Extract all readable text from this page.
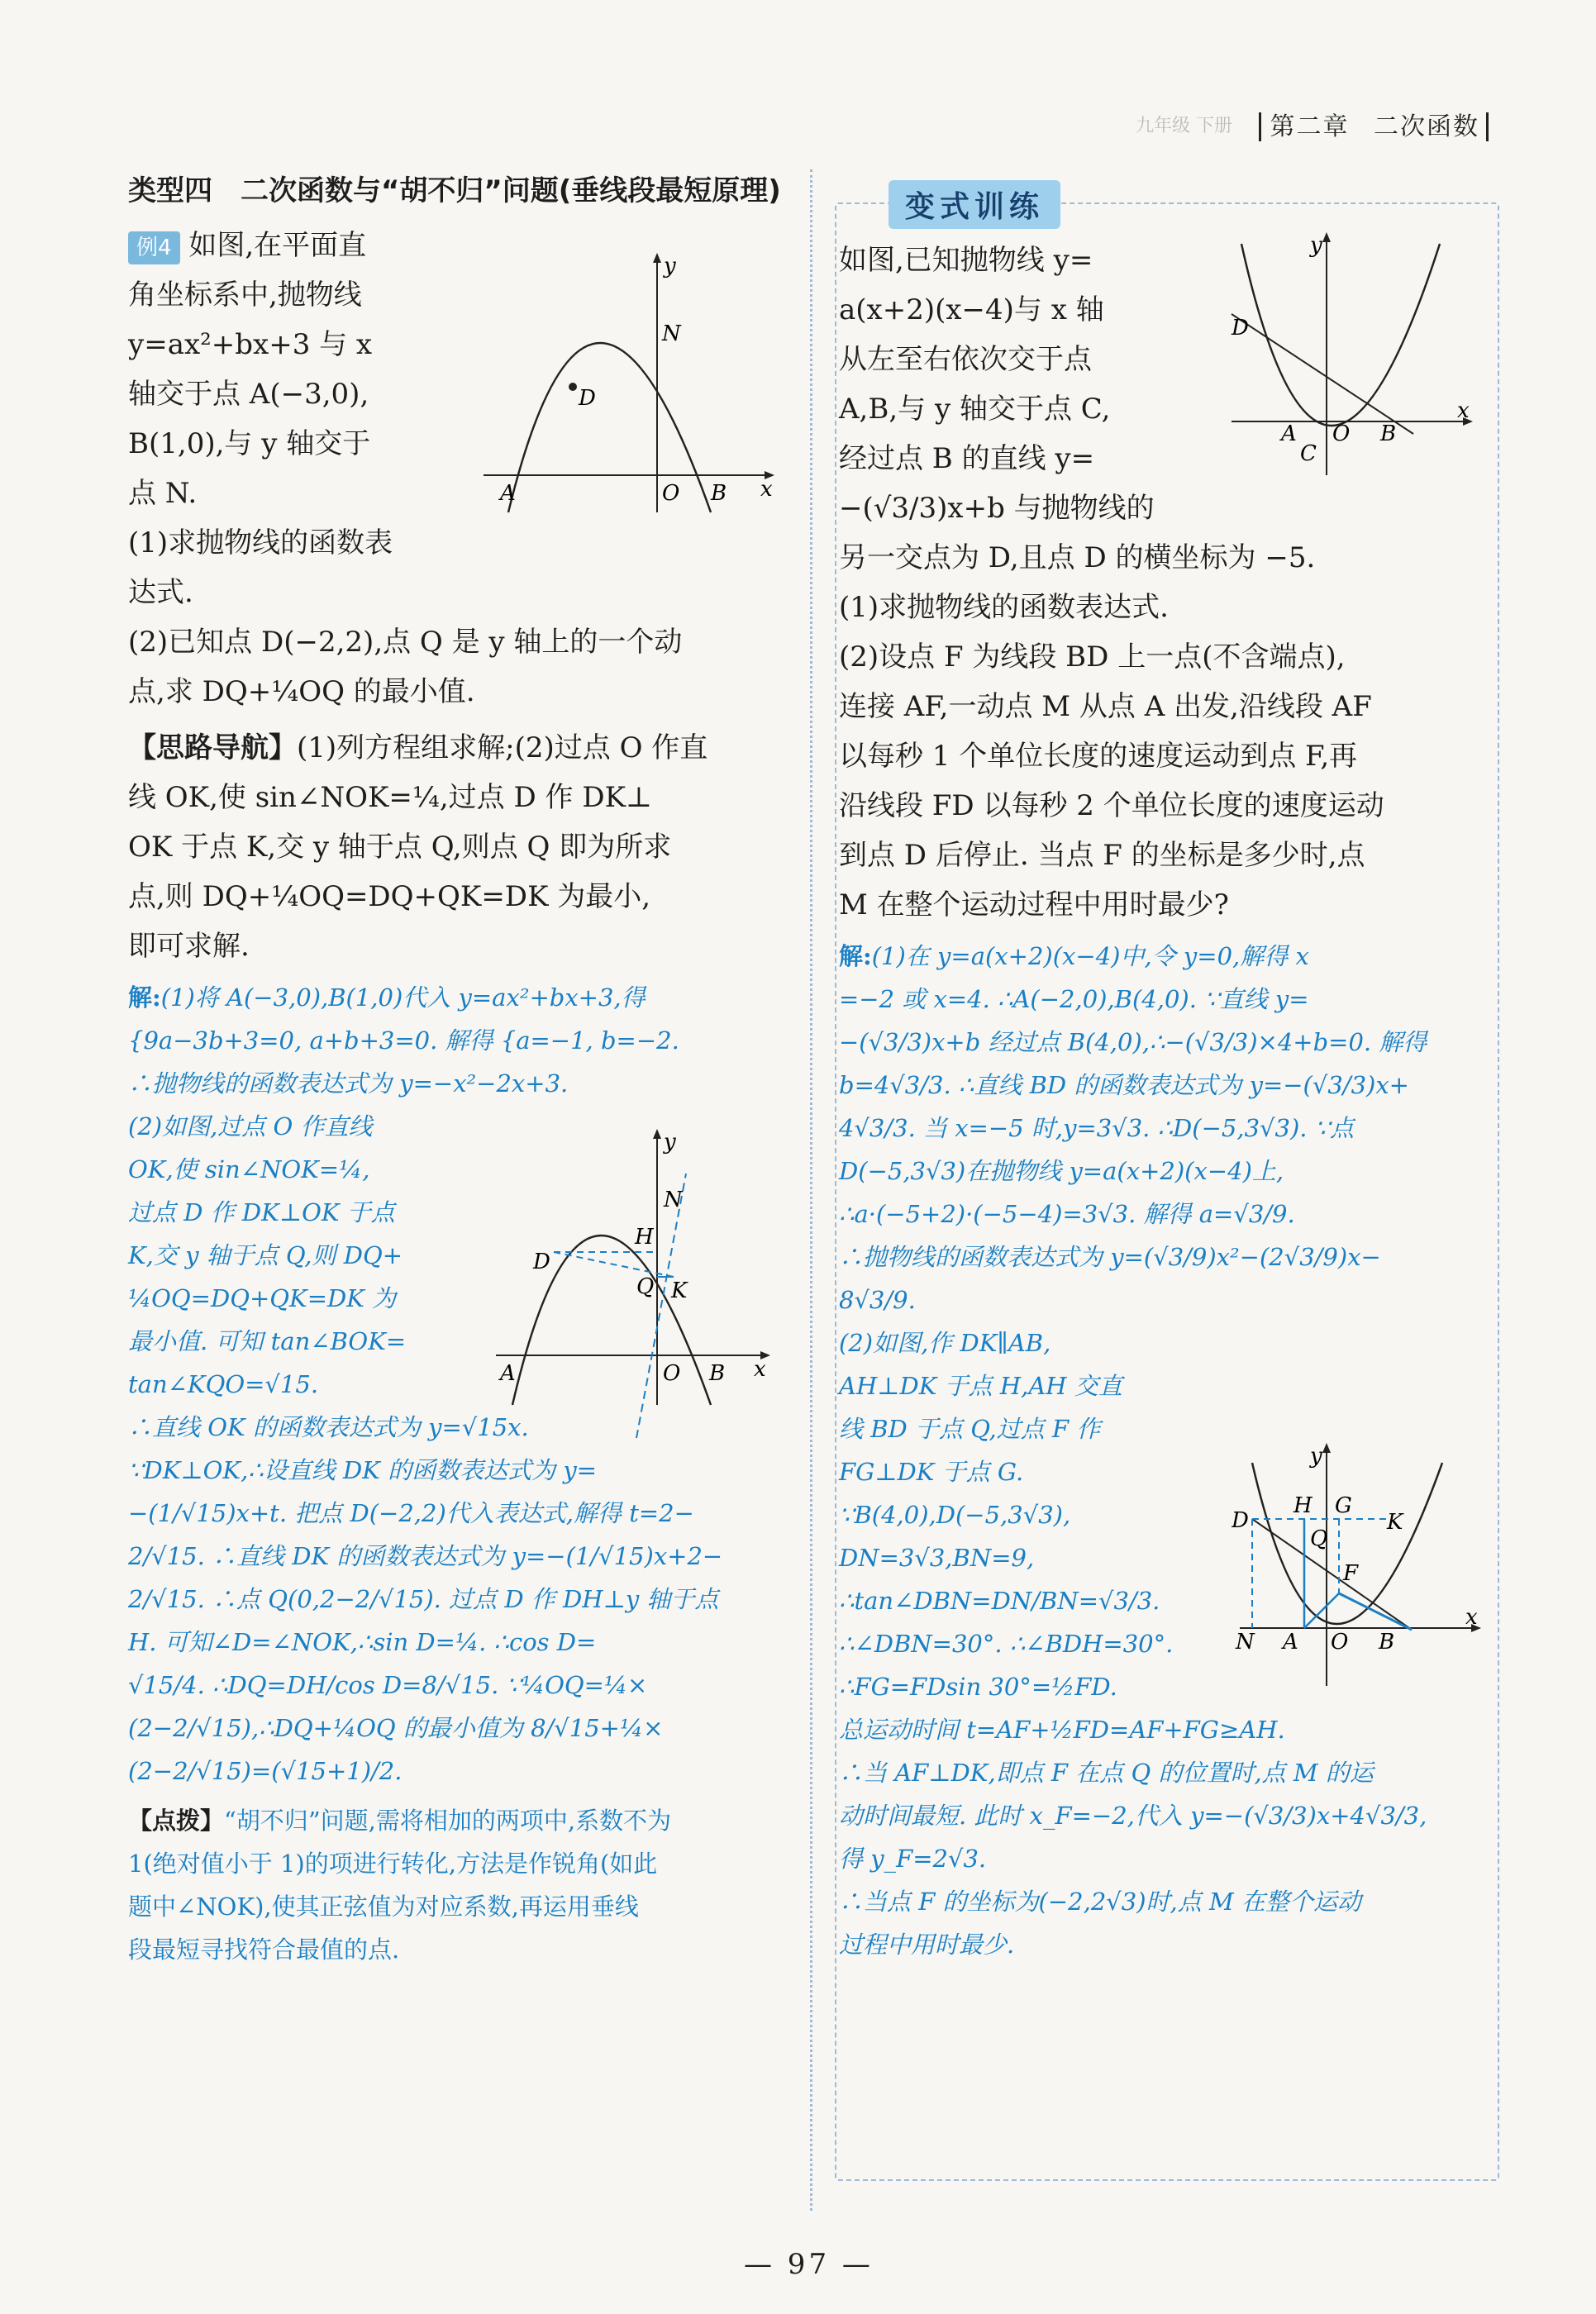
九年级 下册	第二章 二次函数
类型四　二次函数与“胡不归”问题(垂线段最短原理)
例4 如图,在平面直
角坐标系中,抛物线
y=ax²+bx+3 与 x
轴交于点 A(−3,0),
B(1,0),与 y 轴交于
点 N.
(1)求抛物线的函数表
达式.
(2)已知点 D(−2,2),点 Q 是 y 轴上的一个动
点,求 DQ+¼OQ 的最小值.
【思路导航】(1)列方程组求解;(2)过点 O 作直
线 OK,使 sin∠NOK=¼,过点 D 作 DK⊥
OK 于点 K,交 y 轴于点 Q,则点 Q 即为所求
点,则 DQ+¼OQ=DQ+QK=DK 为最小,
即可求解.
解:(1)将 A(−3,0),B(1,0)代入 y=ax²+bx+3,得
{9a−3b+3=0, a+b+3=0. 解得 {a=−1, b=−2.
∴抛物线的函数表达式为 y=−x²−2x+3.
(2)如图,过点 O 作直线
OK,使 sin∠NOK=¼,
过点 D 作 DK⊥OK 于点
K,交 y 轴于点 Q,则 DQ+
¼OQ=DQ+QK=DK 为
最小值. 可知 tan∠BOK=
tan∠KQO=√15.
∴直线 OK 的函数表达式为 y=√15x.
∵DK⊥OK,∴设直线 DK 的函数表达式为 y=
−(1/√15)x+t. 把点 D(−2,2)代入表达式,解得 t=2−
2/√15. ∴直线 DK 的函数表达式为 y=−(1/√15)x+2−
2/√15. ∴点 Q(0,2−2/√15). 过点 D 作 DH⊥y 轴于点
H. 可知∠D=∠NOK,∴sin D=¼. ∴cos D=
√15/4. ∴DQ=DH/cos D=8/√15. ∵¼OQ=¼×
(2−2/√15),∴DQ+¼OQ 的最小值为 8/√15+¼×
(2−2/√15)=(√15+1)/2.
【点拨】“胡不归”问题,需将相加的两项中,系数不为
1(绝对值小于 1)的项进行转化,方法是作锐角(如此
题中∠NOK),使其正弦值为对应系数,再运用垂线
段最短寻找符合最值的点.
y
x
N
D
A	O B
y
x
N
H
D
Q K
A	O B
变式训练
如图,已知抛物线 y=
a(x+2)(x−4)与 x 轴
从左至右依次交于点
A,B,与 y 轴交于点 C,
经过点 B 的直线 y=
−(√3/3)x+b 与抛物线的
另一交点为 D,且点 D 的横坐标为 −5.
(1)求抛物线的函数表达式.
(2)设点 F 为线段 BD 上一点(不含端点),
连接 AF,一动点 M 从点 A 出发,沿线段 AF
以每秒 1 个单位长度的速度运动到点 F,再
沿线段 FD 以每秒 2 个单位长度的速度运动
到点 D 后停止. 当点 F 的坐标是多少时,点
M 在整个运动过程中用时最少?
解:(1)在 y=a(x+2)(x−4)中,令 y=0,解得 x
=−2 或 x=4. ∴A(−2,0),B(4,0). ∵直线 y=
−(√3/3)x+b 经过点 B(4,0),∴−(√3/3)×4+b=0. 解得
b=4√3/3. ∴直线 BD 的函数表达式为 y=−(√3/3)x+
4√3/3. 当 x=−5 时,y=3√3. ∴D(−5,3√3). ∵点
D(−5,3√3)在抛物线 y=a(x+2)(x−4)上,
∴a·(−5+2)·(−5−4)=3√3. 解得 a=√3/9.
∴抛物线的函数表达式为 y=(√3/9)x²−(2√3/9)x−
8√3/9.
(2)如图,作 DK∥AB,
AH⊥DK 于点 H,AH 交直
线 BD 于点 Q,过点 F 作
FG⊥DK 于点 G.
∵B(4,0),D(−5,3√3),
DN=3√3,BN=9,
∴tan∠DBN=DN/BN=√3/3.
∴∠DBN=30°. ∴∠BDH=30°.
∴FG=FDsin 30°=½FD.
总运动时间 t=AF+½FD=AF+FG≥AH.
∴当 AF⊥DK,即点 F 在点 Q 的位置时,点 M 的运
动时间最短. 此时 x_F=−2,代入 y=−(√3/3)x+4√3/3,
得 y_F=2√3.
∴当点 F 的坐标为(−2,2√3)时,点 M 在整个运动
过程中用时最少.
y
x
D
A O B
C
y
x
H G
K
D
Q
F
N A O B
— 97 —
